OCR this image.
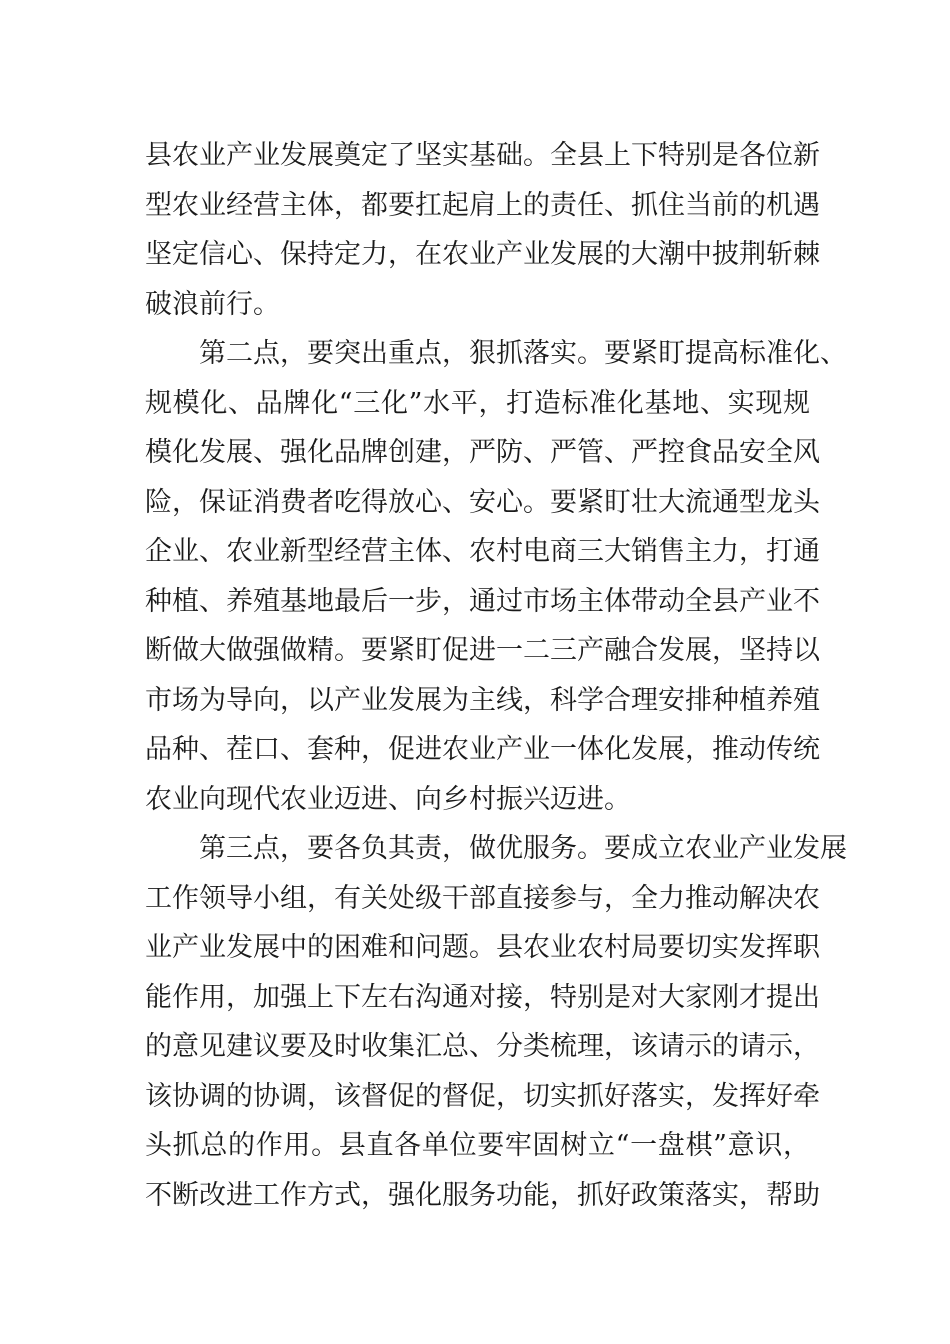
县农业产业发展奠定了坚实基础。全县上下特别是各位新
型农业经营主体，都要扛起肩上的责任、抓住当前的机遇
坚定信心、保持定力，在农业产业发展的大潮中披荆斩棘
破浪前行。
第二点，要突出重点，狠抓落实。要紧盯提高标准化、
规模化、品牌化“三化”水平，打造标准化基地、实现规
模化发展、强化品牌创建，严防、严管、严控食品安全风
险，保证消费者吃得放心、安心。要紧盯壮大流通型龙头
企业、农业新型经营主体、农村电商三大销售主力，打通
种植、养殖基地最后一步，通过市场主体带动全县产业不
断做大做强做精。要紧盯促进一二三产融合发展，坚持以
市场为导向，以产业发展为主线，科学合理安排种植养殖
品种、茬口、套种，促进农业产业一体化发展，推动传统
农业向现代农业迈进、向乡村振兴迈进。
第三点，要各负其责，做优服务。要成立农业产业发展
工作领导小组，有关处级干部直接参与，全力推动解决农
业产业发展中的困难和问题。县农业农村局要切实发挥职
能作用，加强上下左右沟通对接，特别是对大家刚才提出
的意见建议要及时收集汇总、分类梳理，该请示的请示，
该协调的协调，该督促的督促，切实抓好落实，发挥好牵
头抓总的作用。县直各单位要牢固树立“一盘棋”意识，
不断改进工作方式，强化服务功能，抓好政策落实，帮助
